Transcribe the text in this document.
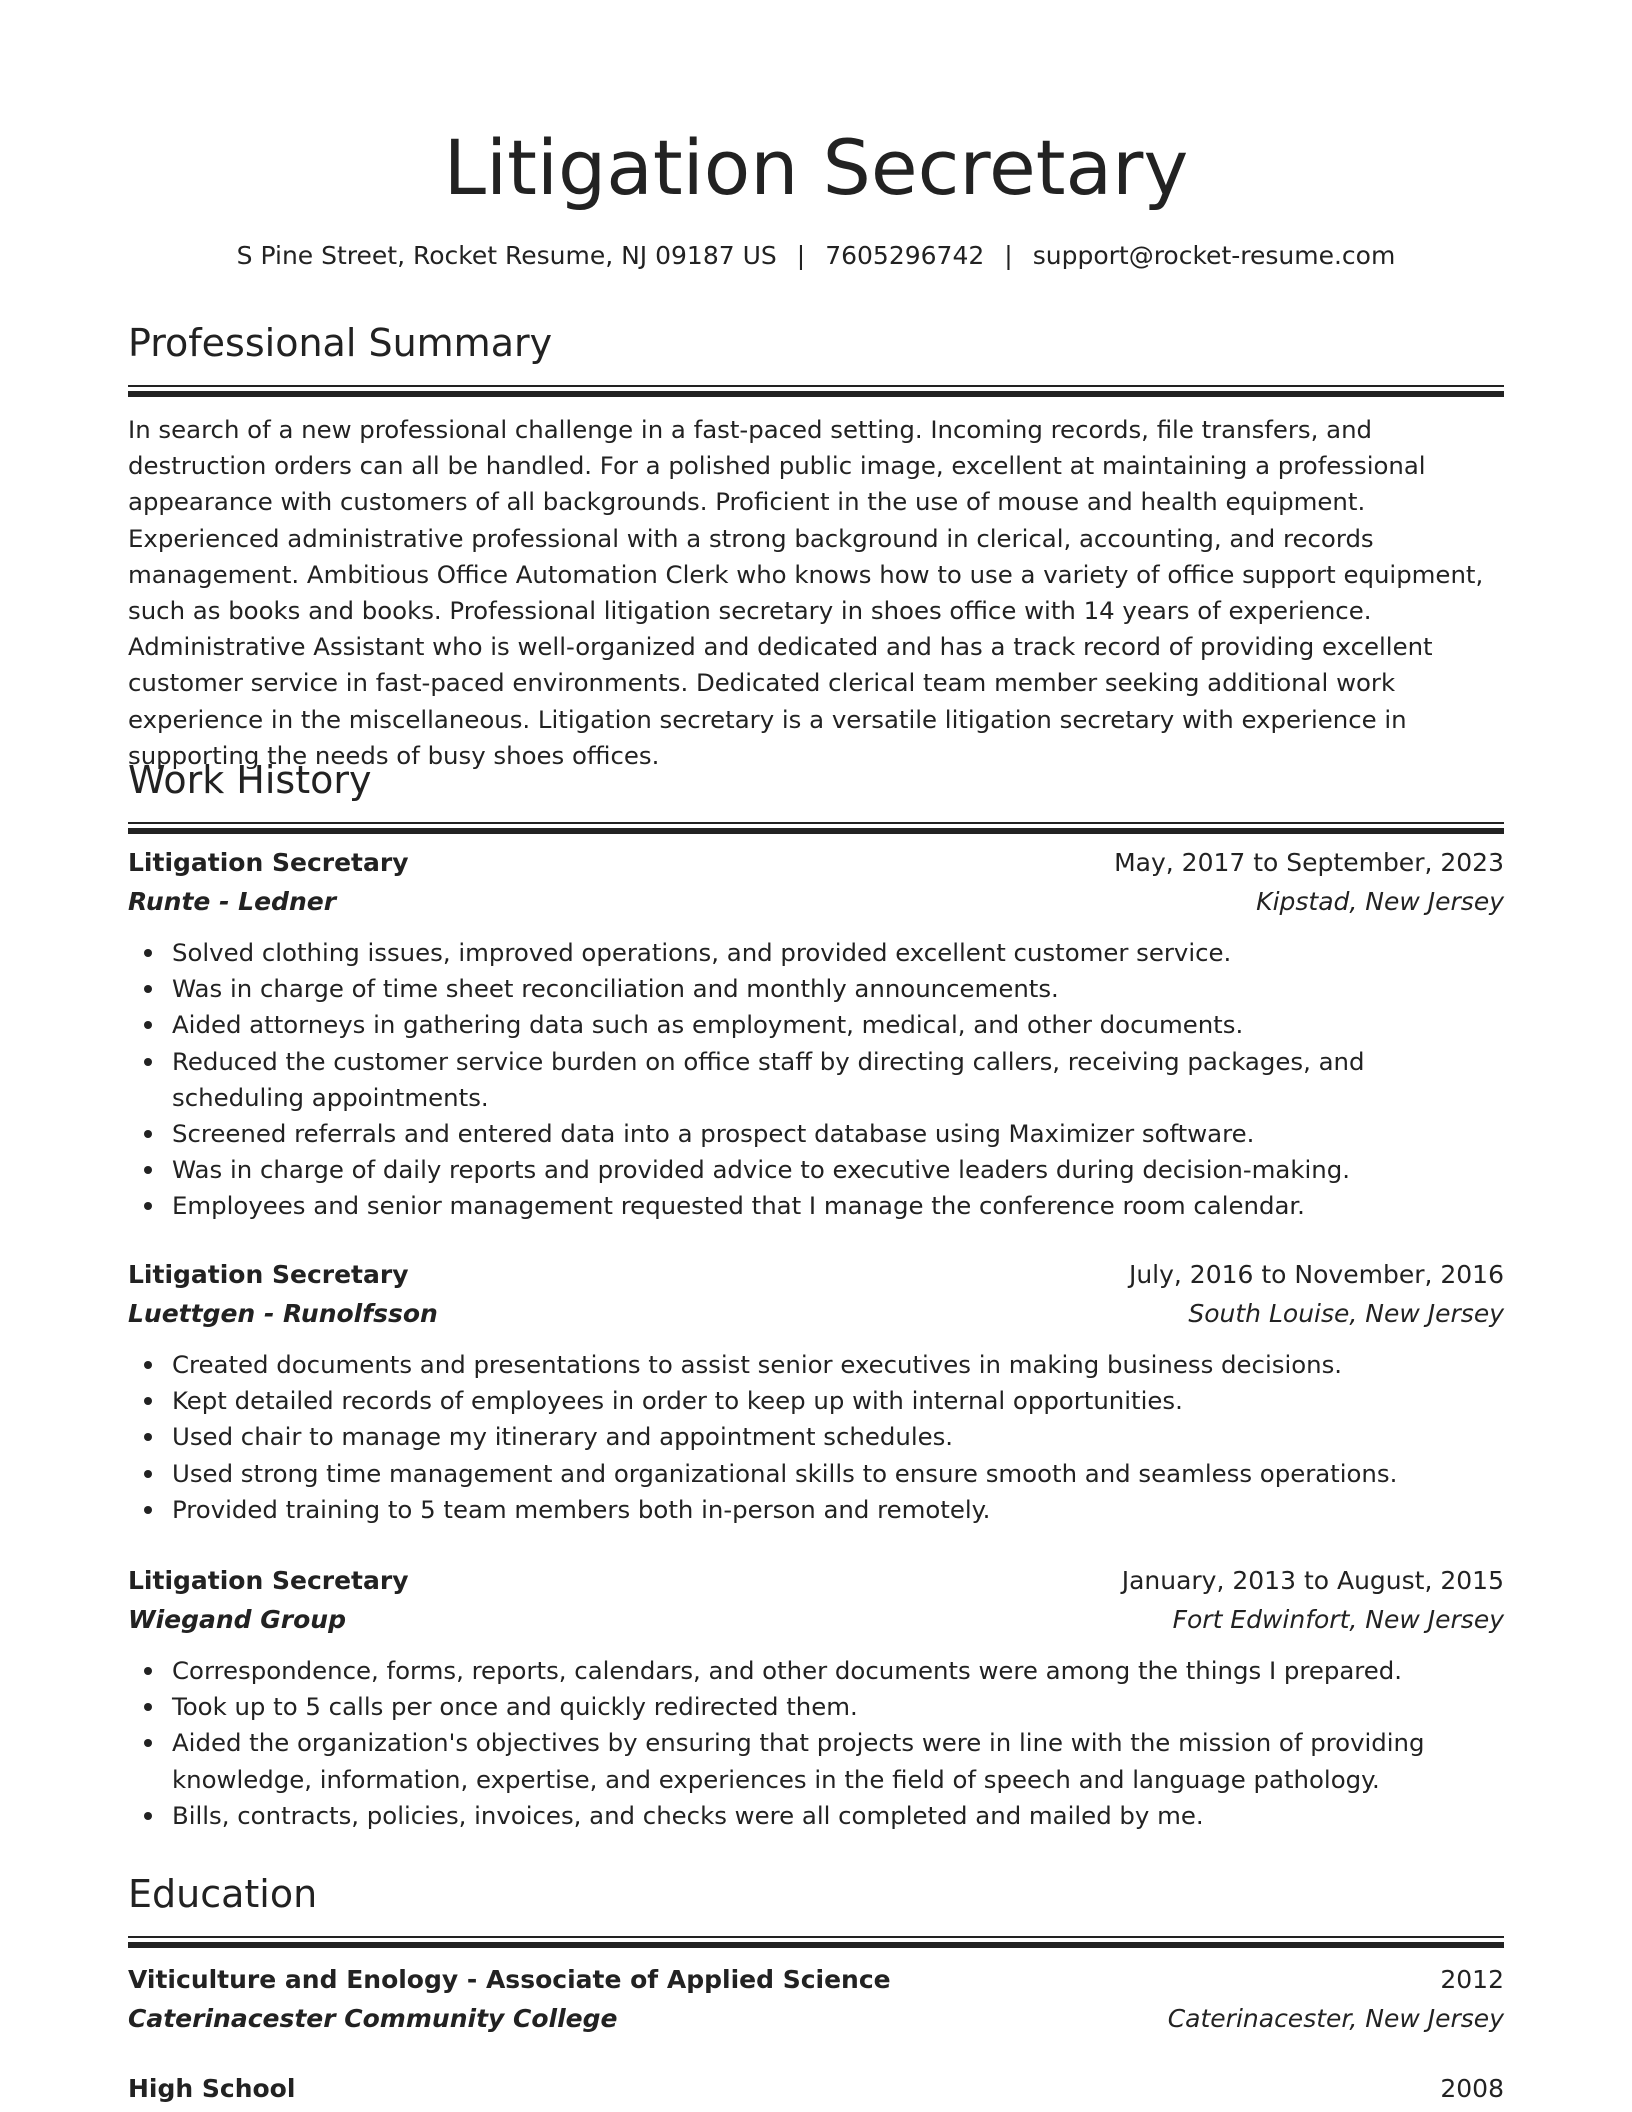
Litigation Secretary
S Pine Street, Rocket Resume, NJ 09187 US | 7605296742 | support@rocket-resume.com
Professional Summary

In search of a new professional challenge in a fast-paced setting. Incoming records, file transfers, and destruction orders can all be handled. For a polished public image, excellent at maintaining a professional appearance with customers of all backgrounds. Proficient in the use of mouse and health equipment. Experienced administrative professional with a strong background in clerical, accounting, and records management. Ambitious Office Automation Clerk who knows how to use a variety of office support equipment, such as books and books. Professional litigation secretary in shoes office with 14 years of experience. Administrative Assistant who is well-organized and dedicated and has a track record of providing excellent customer service in fast-paced environments. Dedicated clerical team member seeking additional work experience in the miscellaneous. Litigation secretary is a versatile litigation secretary with experience in supporting the needs of busy shoes offices.

Work History
Litigation Secretary	May, 2017 to September, 2023
Runte - Ledner	Kipstad, New Jersey
Solved clothing issues, improved operations, and provided excellent customer service.
Was in charge of time sheet reconciliation and monthly announcements.
Aided attorneys in gathering data such as employment, medical, and other documents.
Reduced the customer service burden on office staff by directing callers, receiving packages, and scheduling appointments.
Screened referrals and entered data into a prospect database using Maximizer software.
Was in charge of daily reports and provided advice to executive leaders during decision-making.
Employees and senior management requested that I manage the conference room calendar.
Litigation Secretary	July, 2016 to November, 2016
Luettgen - Runolfsson	South Louise, New Jersey
Created documents and presentations to assist senior executives in making business decisions.
Kept detailed records of employees in order to keep up with internal opportunities.
Used chair to manage my itinerary and appointment schedules.
Used strong time management and organizational skills to ensure smooth and seamless operations.
Provided training to 5 team members both in-person and remotely.
Litigation Secretary	January, 2013 to August, 2015
Wiegand Group	Fort Edwinfort, New Jersey
Correspondence, forms, reports, calendars, and other documents were among the things I prepared.
Took up to 5 calls per once and quickly redirected them.
Aided the organization's objectives by ensuring that projects were in line with the mission of providing knowledge, information, expertise, and experiences in the field of speech and language pathology.
Bills, contracts, policies, invoices, and checks were all completed and mailed by me.
Education
Viticulture and Enology - Associate of Applied Science	2012
Caterinacester Community College	Caterinacester, New Jersey
High School	2008
